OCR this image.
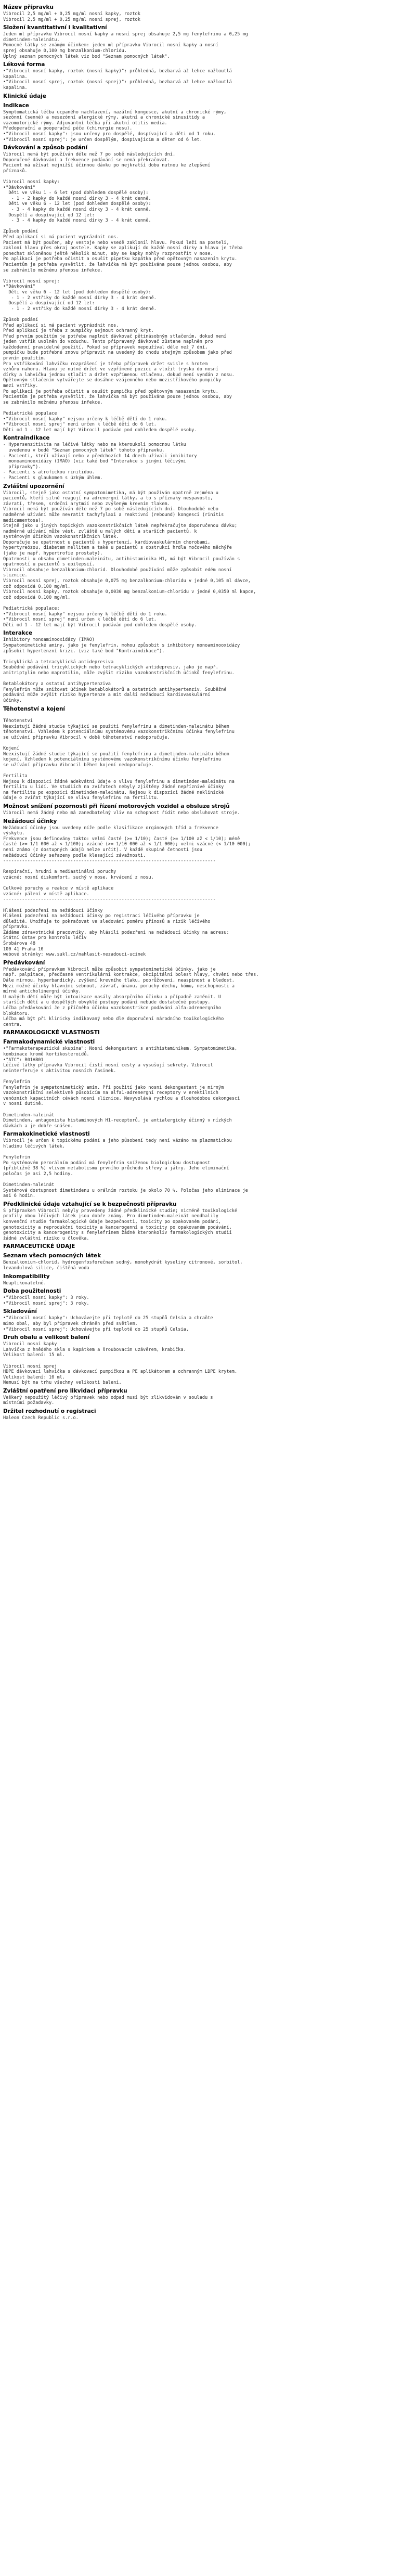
Název přípravku
Vibrocil 2,5 mg/ml + 0,25 mg/ml nosní kapky, roztok
Vibrocil 2,5 mg/ml + 0,25 mg/ml nosní sprej, roztok
Složení kvantitativní i kvalitativní
Jeden ml přípravku Vibrocil nosní kapky a nosní sprej obsahuje 2,5 mg fenylefrinu a 0,25 mg
dimetindem-maleinátu.
Pomocné látky se známým účinkem: jeden ml přípravku Vibrocil nosní kapky a nosní
sprej obsahuje 0,100 mg benzalkonium-chloridu.
Úplný seznam pomocných látek viz bod "Seznam pomocných látek".
Léková forma
•"Vibrocil nosní kapky, roztok (nosní kapky)": průhledná, bezbarvá až lehce nažloutlá
kapalina.
•"Vibrocil nosní sprej, roztok (nosní sprej)": průhledná, bezbarvá až lehce nažloutlá
kapalina.
Klinické údaje
Indikace
Symptomatická léčba ucpaného nachlazení, nazální kongesce, akutní a chronické rýmy,
sezónní (senné) a nesezónní alergické rýmy, akutní a chronické sinusitidy a
vazomotorické rýmy. Adjuvantní léčba při akutní otitis media.
Předoperační a pooperační péče (chirurgie nosu).
•"Vibrocil nosní kapky": jsou určeny pro dospělé, dospívající a děti od 1 roku.
•"Vibrocil nosní sprej": je určen dospělým, dospívajícím a dětem od 6 let.
Dávkování a způsob podání
Vibrocil nemá být používán déle než 7 po sobě následujících dní.
Doporučené dávkování a frekvence podávání se nemá překračovat.
Pacient má užívat nejnižší účinnou dávku po nejkratší dobu nutnou ke zlepšení
příznaků.

Vibrocil nosní kapky:
•"Dávkování"
Děti ve věku 1 - 6 let (pod dohledem dospělé osoby):
- 1 - 2 kapky do každé nosní dírky 3 - 4 krát denně.
Děti ve věku 6 - 12 let (pod dohledem dospělé osoby):
- 3 - 4 kapky do každé nosní dírky 3 - 4 krát denně.
Dospělí a dospívající od 12 let:
- 3 - 4 kapky do každé nosní dírky 3 - 4 krát denně.

Způsob podání
Před aplikací si má pacient vyprázdnit nos.
Pacient má být poučen, aby vestoje nebo vsedě zaklonil hlavu. Pokud leží na posteli,
zakloní hlavu přes okraj postele. Kapky se aplikují do každé nosní dírky a hlavu je třeba
ponechat skloněnou ještě několik minut, aby se kapky mohly rozprostřít v nose.
Po aplikaci je potřeba očistit a osušit pipetku kapátka před opětovným nasazením krytu.
Pacientům je potřeba vysvětlit, že lahvička má být používána pouze jednou osobou, aby
se zabránilo možnému přenosu infekce.

Vibrocil nosní sprej:
•"Dávkování"
Děti ve věku 6 - 12 let (pod dohledem dospělé osoby):
- 1 - 2 vstřiky do každé nosní dírky 3 - 4 krát denně.
Dospělí a dospívající od 12 let:
- 1 - 2 vstřiky do každé nosní dírky 3 - 4 krát denně.

Způsob podání
Před aplikací si má pacient vyprázdnit nos.
Před aplikací je třeba z pumpičky sejmout ochranný kryt.
Před prvním použitím je potřeba naplnit dávkovač pětinásobným stlačením, dokud není
jeden vstřik uvolněn do vzduchu. Tento připravený dávkovač zůstane naplněn pro
každodenní pravidelné použití. Pokud se přípravek nepoužíval déle než 7 dní,
pumpičku bude potřebné znovu připravit na uvedený do chodu stejným způsobem jako před
prvním použitím.
Pro vstřikování lahvičku rozprášení je třeba přípravek držet svisle s hrotem
vzhůru nahoru. Hlavu je nutné držet ve vzpřímené pozici a vložit trysku do nosní
dírky a lahvičku jednou stlačit a držet vzpřímenou stlačenu, dokud není vyndán z nosu.
Opětovným stlačením vytvářejte se dosáhne vzájemného nebo mezistříkového pumpičky
mezi vstřiky.
Po aplikaci je potřeba očistit a osušit pumpičku před opětovným nasazením krytu.
Pacientům je potřeba vysvětlit, že lahvička má být používána pouze jednou osobou, aby
se zabránilo možnému přenosu infekce.

Pediatrická populace
•"Vibrocil nosní kapky" nejsou určeny k léčbě dětí do 1 roku.
•"Vibrocil nosní sprej" není určen k léčbě dětí do 6 let.
Děti od 1 - 12 let mají být Vibrocil podáván pod dohledem dospělé osoby.
Kontraindikace
- Hypersenzitivita na léčivé látky nebo na kteroukoli pomocnou látku
uvedenou v bodě "Seznam pomocných látek" tohoto přípravku.
- Pacienti, kteří užívají nebo v předchozích 14 dnech užívali inhibitory
monoaminooxidázy (IMAO) (viz také bod "Interakce s jinými léčivými
přípravky").
- Pacienti s atrofickou rinitidou.
- Pacienti s glaukomem s úzkým úhlem.
Zvláštní upozornění
Vibrocil, stejně jako ostatní sympatomimetika, má být používán opatrně zejména u
pacientů, kteří silně reagují na adrenergní látky, a to s příznaky nespavosti,
závratí, třesem, srdeční arytmií nebo zvýšeným krevním tlakem.
Vibrocil nemá být používán déle než 7 po sobě následujících dní. Dlouhodobé nebo
nadměrné užívání může nevratit tachyfylaxi a reaktivní (rebound) kongesci (rinitis
medicamentosa).
Stejně jako u jiných topických vazokonstrikčních látek nepřekračujte doporučenou dávku;
nadměrné užívání může vést, zvláště u malých dětí a starších pacientů, k
systémovým účinkům vazokonstrikčních látek.
Doporučuje se opatrnost u pacientů s hypertenzí, kardiovaskulárním chorobami,
hypertyreózou, diabetem mellitem a také u pacientů s obstrukcí hrdla močového měchýře
(jako je např. hypertrofie prostaty).
Opatrnosti u obsahu dimetinden-maleinátu, antihistaminika H1, má být Vibrocil používán s
opatrností u pacientů s epilepsií.
Vibrocil obsahuje benzalkonium-chlorid. Dlouhodobé používání může způsobit edém nosní
sliznice.
Vibrocil nosní sprej, roztok obsahuje 0,075 mg benzalkonium-chloridu v jedné 0,105 ml dávce,
což odpovídá 0,100 mg/ml.
Vibrocil nosní kapky, roztok obsahuje 0,0030 mg benzalkonium-chloridu v jedné 0,0350 ml kapce,
což odpovídá 0,100 mg/ml.

Pediatrická populace:
•"Vibrocil nosní kapky" nejsou určeny k léčbě dětí do 1 roku.
•"Vibrocil nosní sprej" není určen k léčbě dětí do 6 let.
Děti od 1 - 12 let mají být Vibrocil podáván pod dohledem dospělé osoby.
Interakce
Inhibitory monoaminooxidázy (IMAO)
Sympatomimetické aminy, jako je fenylefrin, mohou způsobit s inhibitory monoaminooxidázy
způsobit hypertenzní krizi. (viz také bod "Kontraindikace").

Tricyklická a tetracyklická antidepresiva
Soubědné podávání tricyklických nebo tetracyklických antidepresiv, jako je např.
amitriptylin nebo maprotilin, může zvýšit riziko vazokonstrikčních účinků fenylefrinu.

Betablokátory a ostatní antihypertenziva
Fenylefrin může snižovat účinek betablokátorů a ostatních antihypertenzív. Souběžné
podávání může zvýšit riziko hypertenze a mít další nežádoucí kardiovaskulární
účinky.
Těhotenství a kojení

Těhotenství
Neexistují žádné studie týkající se použití fenylefrinu a dimetinden-maleinátu během
těhotenství. Vzhledem k potenciálnímu systémovému vazokonstrikčnímu účinku fenylefrinu
se užívání přípravku Vibrocil v době těhotenství nedoporučuje.

Kojení
Neexistují žádné studie týkající se použití fenylefrinu a dimetinden-maleinátu během
kojení. Vzhledem k potenciálnímu systémovému vazokonstrikčnímu účinku fenylefrinu
se užívání přípravku Vibrocil během kojení nedoporučuje.

Fertilita
Nejsou k dispozici žádné adekvátní údaje o vlivu fenylefrinu a dimetinden-maleinátu na
fertilitu u lidí. Ve studiích na zvířatech nebyly zjištěny žádné nepříznivé účinky
na fertilitu po expozici dimetinden-maleinátu. Nejsou k dispozici žádné neklinické
údaje o zvířat týkající se vlivu fenylefrinu na fertilitu.
Možnost snížení pozornosti při řízení motorových vozidel a obsluze strojů
Vibrocil nemá žádný nebo má zanedbatelný vliv na schopnost řídit nebo obsluhovat stroje.
Nežádoucí účinky
Nežádoucí účinky jsou uvedeny níže podle klasifikace orgánových tříd a frekvence
výskytu.
Frekvence jsou definovány takto: velmi časté (>= 1/10); časté (>= 1/100 až < 1/10); méně
časté (>= 1/1 000 až < 1/100); vzácné (>= 1/10 000 až < 1/1 000); velmi vzácné (< 1/10 000);
není známo (z dostupných údajů nelze určit). V každé skupině četností jsou
nežádoucí účinky seřazeny podle klesající závažnosti.
-------------------------------------------------------------------------------

Respirační, hrudní a mediastinální poruchy
vzácné: nosní diskomfort, suchý v nose, krvácení z nosu.

Celkové poruchy a reakce v místě aplikace
vzácné: pálení v místě aplikace.
-------------------------------------------------------------------------------

Hlášení podezření na nežádoucí účinky
Hlášení podezření na nežádoucí účinky po registraci léčivého přípravku je
důležité. Umožňuje to pokračovat ve sledování poměru přínosů a rizik léčivého
přípravku.
Žádáme zdravotnické pracovníky, aby hlásili podezření na nežádoucí účinky na adresu:
Státní ústav pro kontrolu léčiv
Šrobárova 48
100 41 Praha 10
webové stránky: www.sukl.cz/nahlasit-nezadouci-ucinek
Předávkování
Předávkování přípravkem Vibrocil může způsobit sympatomimetické účinky, jako je
např. palpitace, předčasné ventrikulární kontrakce, okcipitální bolest hlavy, chvění nebo třes.
Dále mírnou, hyperbandický, zvýšení krevního tlaku, poorůžoveni, neaspinost a bledost.
Mezi možné účinky hlavními sebnout, závrať, únavu, poruchy dechu, kómu, neschopnosti a
mírné anticholinergní účinky.
U malých dětí může být intoxikace nasály absorpčního účinku a případně zaměnit. U
starších dětí a u dospělých obvyklé postupy podání nebude dostatečné postupy.
Léčba předávkování Je z příčného účinku vazokonstrikce podávání alfa-adrenergního
blokátoru.
Léčba má být při klinicky indikovaný nebo dle doporučení národního toxikologického
centra.
FARMAKOLOGICKÉ VLASTNOSTI
Farmakodynamické vlastnosti
•"Farmakoterapeutická skupina": Nosní dekongestant s antihistaminikem. Sympatomimetika,
kombinace kromě kortikosteroidů.
•"ATC": R01AB01
Léčivé látky přípravku Vibrocil čistí nosní cesty a vysušují sekrety. Vibrocil
neinterferuje s aktivitou nosních řasinek.

Fenylefrin
Fenylefrin je sympatomimetický amin. Při použití jako nosní dekongestant je mírným
vazokonstrikční selektivně působícím na alfa1-adrenergní receptory v erektilních
venózních kapacitních cévách nosní sliznice. Nevyvolává rychlou a dlouhodobou dekongesci
v nosní dutině.

Dimetinden-maleinát
Dimetinden, antagonista histaminových H1-receptorů, je antialergicky účinný v nízkých
dávkách a je dobře snášen.
Farmakokinetické vlastnosti
Vibrocil je určen k topickému podání a jeho působení tedy není vázáno na plazmatickou
hladinu léčivých látek.

Fenylefrin
Po systémovém perorálním podání má fenylefrin sníženou biologickou dostupnost
(přibližně 38 %) vlivem metabolismu prvního průchodu střevy a játry. Jeho eliminační
poločas je asi 2,5 hodiny.

Dimetinden-maleinát
Systémová dostupnost dimetindenu u orálním roztoku je okolo 70 %. Poločas jeho eliminace je
asi 6 hodin.
Předklinické údaje vztahující se k bezpečnosti přípravku
S přípravkem Vibrocil nebyly provedeny žádné předklinické studie; nicméně toxikologické
profily obou léčivých látek jsou dobře známy. Pro dimetinden-maleinát neodhalily
konvenční studie farmakologické údaje bezpečnosti, toxicity po opakovaném podání,
genotoxicity a reprodukční toxicity a kancerogenní a toxicity po opakovaném podávání,
genotoxicity a kancerogenity s fenylefrinem žádné kteronkoliv farmakologických studií
žádné zvláštní riziko u člověka.
FARMACEUTICKÉ ÚDAJE
Seznam všech pomocných látek
Benzalkonium-chlorid, hydrogenfosforečnan sodný, monohydrát kyseliny citronové, sorbitol,
levandulová silice, čištěná voda
Inkompatibility
Neaplikovatelné.
Doba použitelnosti
•"Vibrocil nosní kapky": 3 roky.
•"Vibrocil nosní sprej": 3 roky.
Skladování
•"Vibrocil nosní kapky": Uchovávejte při teplotě do 25 stupňů Celsia a chraňte
mimo obal, aby byl přípravek chráněn před světlem.
•"Vibrocil nosní sprej": Uchovávejte při teplotě do 25 stupňů Celsia.
Druh obalu a velikost balení
Vibrocil nosní kapky
Lahvička z hnědého skla s kapátkem a šroubovacím uzávěrem, krabička.
Velikost balení: 15 ml.

Vibrocil nosní sprej
HDPE dávkovací lahvička s dávkovací pumpičkou a PE aplikátorem a ochranným LDPE krytem.
Velikost balení: 10 ml.
Nemusí být na trhu všechny velikosti balení.
Zvláštní opatření pro likvidaci přípravku
Veškerý nepoužitý léčivý přípravek nebo odpad musí být zlikvidován v souladu s
místními požadavky.
Držitel rozhodnutí o registraci
Haleon Czech Republic s.r.o.
